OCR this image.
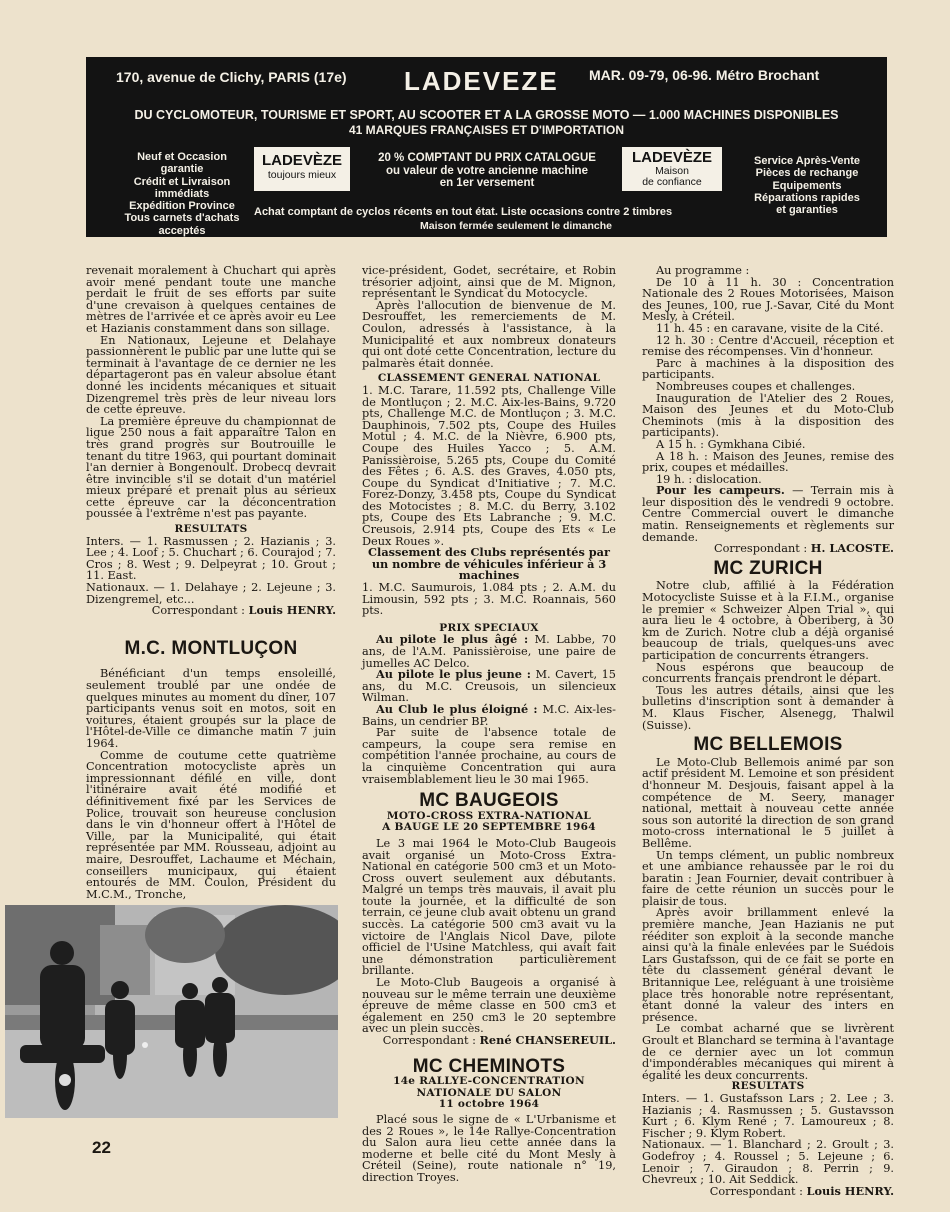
170, avenue de Clichy, PARIS (17e) LADEVEZE MAR. 09-79, 06-96. Métro Brochant
DU CYCLOMOTEUR, TOURISME ET SPORT, AU SCOOTER ET A LA GROSSE MOTO — 1.000 MACHINES DISPONIBLES
41 MARQUES FRANÇAISES ET D'IMPORTATION
Neuf et Occasion
garantie
Crédit et Livraison
immédiats
Expédition Province
Tous carnets d'achats
acceptés
LADEVÈZE
toujours mieux
20 % COMPTANT DU PRIX CATALOGUE
ou valeur de votre ancienne machine
en 1er versement
LADEVÈZE
Maison
de confiance
Service Après-Vente
Pièces de rechange
Equipements
Réparations rapides
et garanties
Achat comptant de cyclos récents en tout état. Liste occasions contre 2 timbres
Maison fermée seulement le dimanche

revenait moralement à Chuchart qui après avoir mené pendant toute une manche perdait le fruit de ses efforts par suite d'une crevaison à quelques centaines de mètres de l'arrivée et ce après avoir eu Lee et Hazianis constamment dans son sillage.

En Nationaux, Lejeune et Delahaye passionnèrent le public par une lutte qui se terminait à l'avantage de ce dernier ne les départageront pas en valeur absolue étant donné les incidents mécaniques et situait Dizengremel très près de leur niveau lors de cette épreuve.

La première épreuve du championnat de ligue 250 nous a fait apparaître Talon en très grand progrès sur Boutrouille le tenant du titre 1963, qui pourtant dominait l'an dernier à Bongenoult. Drobecq devrait être invincible s'il se dotait d'un matériel mieux préparé et prenait plus au sérieux cette épreuve car la déconcentration poussée à l'extrême n'est pas payante.

RESULTATS

Inters. — 1. Rasmussen ; 2. Hazianis ; 3. Lee ; 4. Loof ; 5. Chuchart ; 6. Courajod ; 7. Cros ; 8. West ; 9. Delpeyrat ; 10. Grout ; 11. East.

Nationaux. — 1. Delahaye ; 2. Lejeune ; 3. Dizengremel, etc...

Correspondant : Louis HENRY.
M.C. MONTLUÇON

Bénéficiant d'un temps ensoleillé, seulement troublé par une ondée de quelques minutes au moment du dîner, 107 participants venus soit en motos, soit en voitures, étaient groupés sur la place de l'Hôtel-de-Ville ce dimanche matin 7 juin 1964.

Comme de coutume cette quatrième Concentration motocycliste après un impressionnant défilé en ville, dont l'itinéraire avait été modifié et définitivement fixé par les Services de Police, trouvait son heureuse conclusion dans le vin d'honneur offert à l'Hôtel de Ville, par la Municipalité, qui était représentée par MM. Rousseau, adjoint au maire, Desrouffet, Lachaume et Méchain, conseillers municipaux, qui étaient entourés de MM. Coulon, Président du M.C.M., Tronche,

22

vice-président, Godet, secrétaire, et Robin trésorier adjoint, ainsi que de M. Mignon, représentant le Syndicat du Motocycle.

Après l'allocution de bienvenue de M. Desrouffet, les remerciements de M. Coulon, adressés à l'assistance, à la Municipalité et aux nombreux donateurs qui ont doté cette Concentration, lecture du palmarès était donnée.

CLASSEMENT GENERAL NATIONAL

1. M.C. Tarare, 11.592 pts, Challenge Ville de Montluçon ; 2. M.C. Aix-les-Bains, 9.720 pts, Challenge M.C. de Montluçon ; 3. M.C. Dauphinois, 7.502 pts, Coupe des Huiles Motul ; 4. M.C. de la Nièvre, 6.900 pts, Coupe des Huiles Yacco ; 5. A.M. Panissièroise, 5.265 pts, Coupe du Comité des Fêtes ; 6. A.S. des Graves, 4.050 pts, Coupe du Syndicat d'Initiative ; 7. M.C. Forez-Donzy, 3.458 pts, Coupe du Syndicat des Motocistes ; 8. M.C. du Berry, 3.102 pts, Coupe des Ets Labranche ; 9. M.C. Creusois, 2.914 pts, Coupe des Ets « Le Deux Roues ».

Classement des Clubs représentés par un nombre de véhicules inférieur à 3 machines

1. M.C. Saumurois, 1.084 pts ; 2. A.M. du Limousin, 592 pts ; 3. M.C. Roannais, 560 pts.

PRIX SPECIAUX

Au pilote le plus âgé : M. Labbe, 70 ans, de l'A.M. Panissièroise, une paire de jumelles AC Delco.

Au pilote le plus jeune : M. Cavert, 15 ans, du M.C. Creusois, un silencieux Wilman.

Au Club le plus éloigné : M.C. Aix-les-Bains, un cendrier BP.

Par suite de l'absence totale de campeurs, la coupe sera remise en compétition l'année prochaine, au cours de la cinquième Concentration qui aura vraisemblablement lieu le 30 mai 1965.

MC BAUGEOIS
MOTO-CROSS EXTRA-NATIONAL
A BAUGE LE 20 SEPTEMBRE 1964

Le 3 mai 1964 le Moto-Club Baugeois avait organisé un Moto-Cross Extra-National en catégorie 500 cm3 et un Moto-Cross ouvert seulement aux débutants. Malgré un temps très mauvais, il avait plu toute la journée, et la difficulté de son terrain, ce jeune club avait obtenu un grand succès. La catégorie 500 cm3 avait vu la victoire de l'Anglais Nicol Dave, pilote officiel de l'Usine Matchless, qui avait fait une démonstration particulièrement brillante.

Le Moto-Club Baugeois a organisé à nouveau sur le même terrain une deuxième épreuve de même classe en 500 cm3 et également en 250 cm3 le 20 septembre avec un plein succès.

Correspondant : René CHANSEREUIL.
MC CHEMINOTS
14e RALLYE-CONCENTRATION
NATIONALE DU SALON
11 octobre 1964

Placé sous le signe de « L'Urbanisme et des 2 Roues », le 14e Rallye-Concentration du Salon aura lieu cette année dans la moderne et belle cité du Mont Mesly à Créteil (Seine), route nationale n° 19, direction Troyes.

Au programme :

De 10 à 11 h. 30 : Concentration Nationale des 2 Roues Motorisées, Maison des Jeunes, 100, rue J.-Savar, Cité du Mont Mesly, à Créteil.

11 h. 45 : en caravane, visite de la Cité.

12 h. 30 : Centre d'Accueil, réception et remise des récompenses. Vin d'honneur.

Parc à machines à la disposition des participants.

Nombreuses coupes et challenges.

Inauguration de l'Atelier des 2 Roues, Maison des Jeunes et du Moto-Club Cheminots (mis à la disposition des participants).

A 15 h. : Gymkhana Cibié.

A 18 h. : Maison des Jeunes, remise des prix, coupes et médailles.

19 h. : dislocation.

Pour les campeurs. — Terrain mis à leur disposition dès le vendredi 9 octobre. Centre Commercial ouvert le dimanche matin. Renseignements et règlements sur demande.

Correspondant : H. LACOSTE.
MC ZURICH

Notre club, affilié à la Fédération Motocycliste Suisse et à la F.I.M., organise le premier « Schweizer Alpen Trial », qui aura lieu le 4 octobre, à Oberiberg, à 30 km de Zurich. Notre club a déjà organisé beaucoup de trials, quelques-uns avec participation de concurrents étrangers.

Nous espérons que beaucoup de concurrents français prendront le départ.

Tous les autres détails, ainsi que les bulletins d'inscription sont à demander à M. Klaus Fischer, Alsenegg, Thalwil (Suisse).

MC BELLEMOIS

Le Moto-Club Bellemois animé par son actif président M. Lemoine et son président d'honneur M. Desjouis, faisant appel à la compétence de M. Seery, manager national, mettait à nouveau cette année sous son autorité la direction de son grand moto-cross international le 5 juillet à Bellême.

Un temps clément, un public nombreux et une ambiance rehaussée par le roi du baratin : Jean Fournier, devait contribuer à faire de cette réunion un succès pour le plaisir de tous.

Après avoir brillamment enlevé la première manche, Jean Hazianis ne put rééditer son exploit à la seconde manche ainsi qu'à la finale enlevées par le Suédois Lars Gustafsson, qui de ce fait se porte en tête du classement général devant le Britannique Lee, reléguant à une troisième place très honorable notre représentant, étant donné la valeur des inters en présence.

Le combat acharné que se livrèrent Groult et Blanchard se termina à l'avantage de ce dernier avec un lot commun d'impondérables mécaniques qui mirent à égalité les deux concurrents.

RESULTATS

Inters. — 1. Gustafsson Lars ; 2. Lee ; 3. Hazianis ; 4. Rasmussen ; 5. Gustavsson Kurt ; 6. Klym René ; 7. Lamoureux ; 8. Fischer ; 9. Klym Robert.

Nationaux. — 1. Blanchard ; 2. Groult ; 3. Godefroy ; 4. Roussel ; 5. Lejeune ; 6. Lenoir ; 7. Giraudon ; 8. Perrin ; 9. Chevreux ; 10. Ait Seddick.

Correspondant : Louis HENRY.
